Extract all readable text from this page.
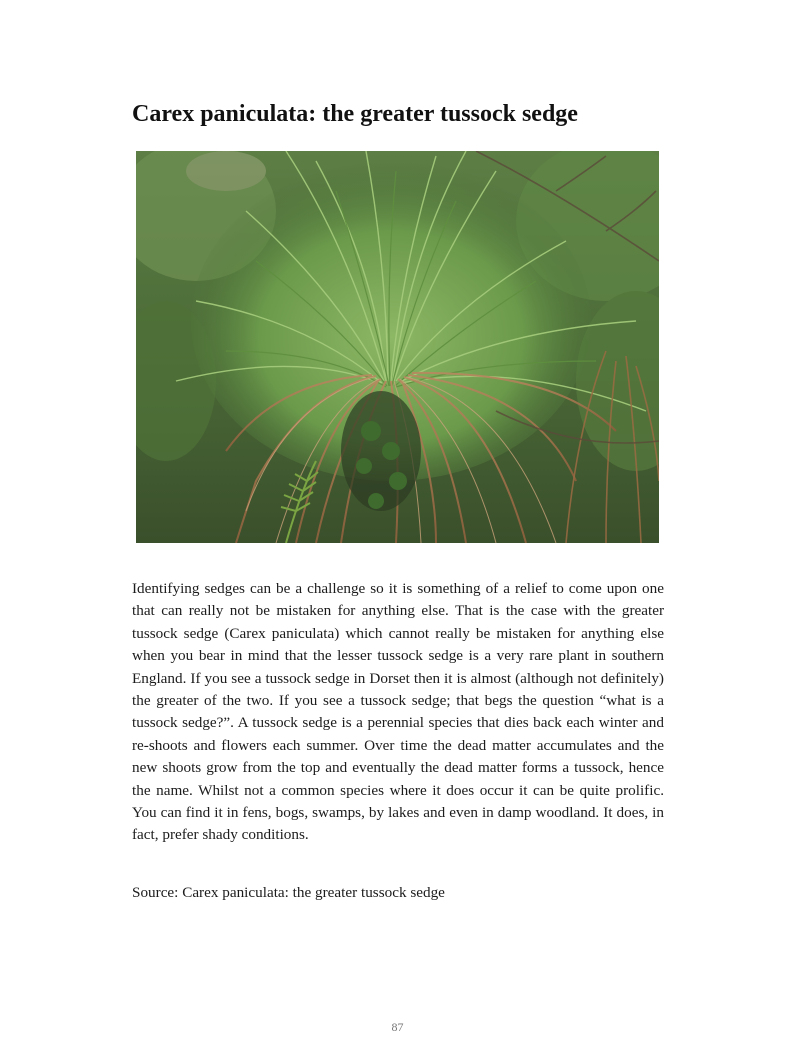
Carex paniculata: the greater tussock sedge

Identifying sedges can be a challenge so it is something of a relief to come upon one that can really not be mistaken for anything else. That is the case with the greater tussock sedge (Carex paniculata) which cannot really be mistaken for anything else when you bear in mind that the lesser tussock sedge is a very rare plant in southern England. If you see a tussock sedge in Dorset then it is almost (although not definitely) the greater of the two. If you see a tussock sedge; that begs the question “what is a tussock sedge?”. A tussock sedge is a perennial species that dies back each winter and re-shoots and flowers each summer. Over time the dead matter accumulates and the new shoots grow from the top and eventually the dead matter forms a tussock, hence the name. Whilst not a common species where it does occur it can be quite prolific. You can find it in fens, bogs, swamps, by lakes and even in damp woodland. It does, in fact, prefer shady conditions.

Source: Carex paniculata: the greater tussock sedge

87
